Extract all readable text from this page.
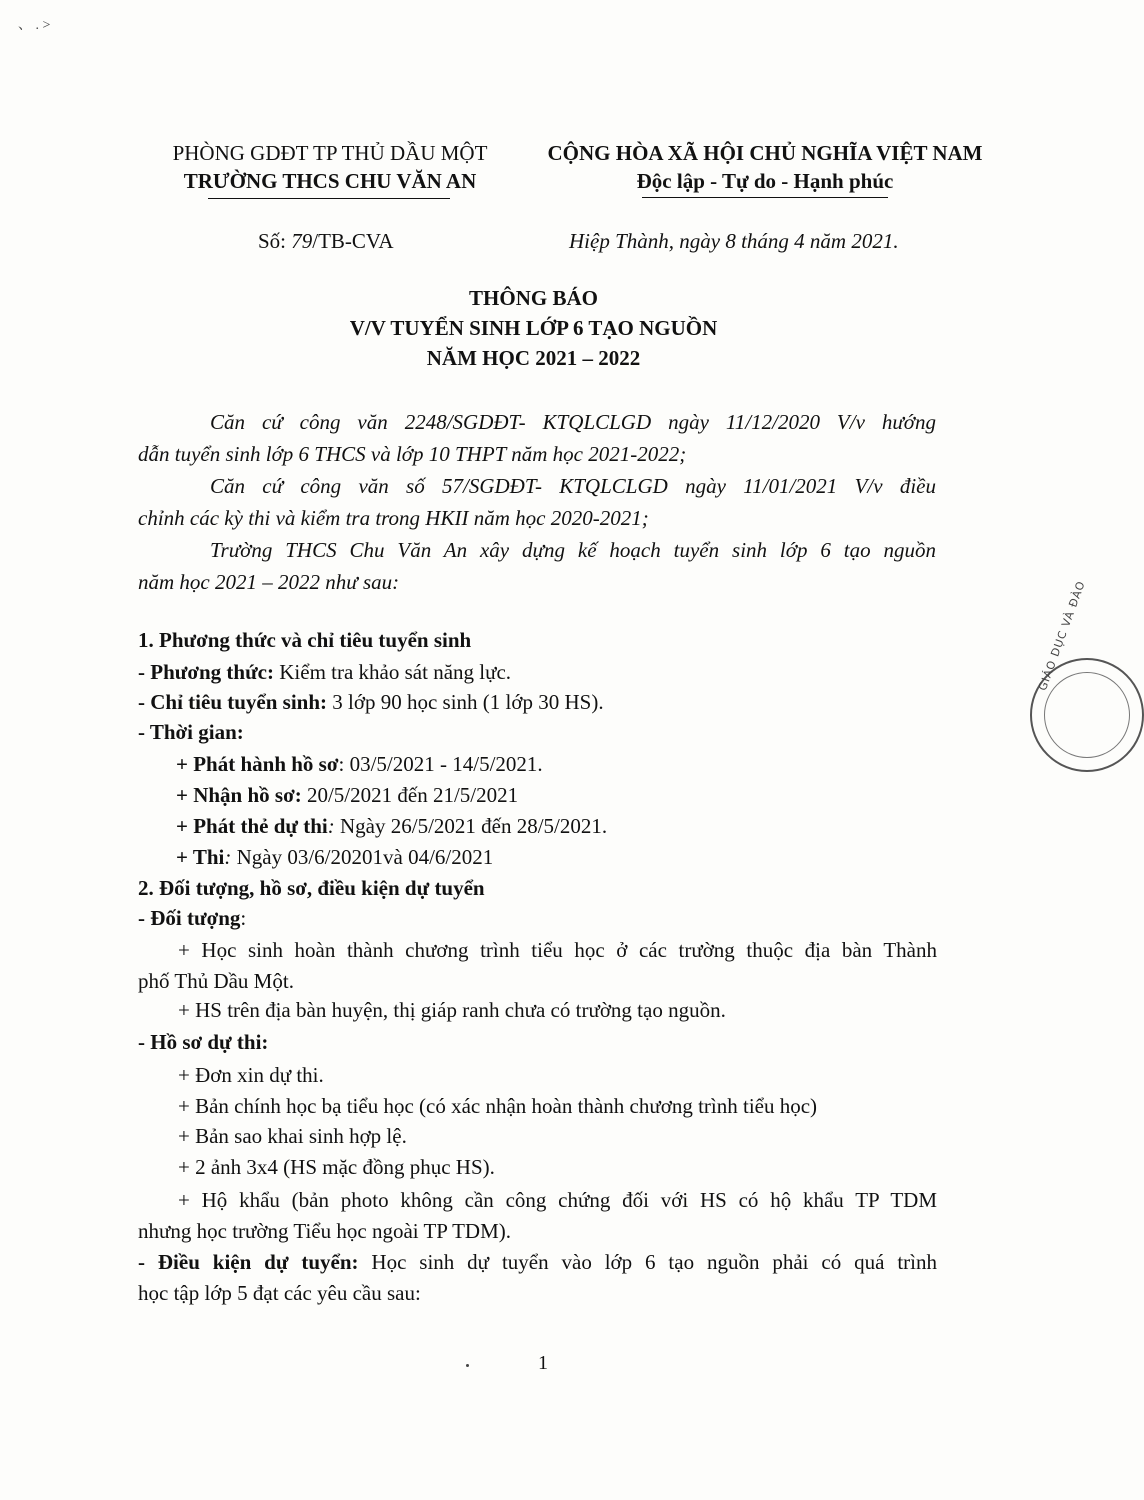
、 . >
PHÒNG GDĐT TP THỦ DẦU MỘT
TRƯỜNG THCS CHU VĂN AN
CỘNG HÒA XÃ HỘI CHỦ NGHĨA VIỆT NAM
Độc lập - Tự do - Hạnh phúc
Số: 79/TB-CVA	Hiệp Thành, ngày 8 tháng 4 năm 2021.
THÔNG BÁO
V/V TUYỂN SINH LỚP 6 TẠO NGUỒN
NĂM HỌC 2021 – 2022
Căn cứ công văn 2248/SGDĐT- KTQLCLGD ngày 11/12/2020 V/v hướng
dẫn tuyển sinh lớp 6 THCS và lớp 10 THPT năm học 2021-2022;
Căn cứ công văn số 57/SGDĐT- KTQLCLGD ngày 11/01/2021 V/v điều
chỉnh các kỳ thi và kiểm tra trong HKII năm học 2020-2021;
Trường THCS Chu Văn An xây dựng kế hoạch tuyển sinh lớp 6 tạo nguồn
năm học 2021 – 2022 như sau:
1. Phương thức và chỉ tiêu tuyển sinh
- Phương thức: Kiểm tra khảo sát năng lực.
- Chỉ tiêu tuyển sinh: 3 lớp 90 học sinh (1 lớp 30 HS).
- Thời gian:
+ Phát hành hồ sơ: 03/5/2021 - 14/5/2021.
+ Nhận hồ sơ: 20/5/2021 đến 21/5/2021
+ Phát thẻ dự thi: Ngày 26/5/2021 đến 28/5/2021.
+ Thi: Ngày 03/6/20201và 04/6/2021
2. Đối tượng, hồ sơ, điều kiện dự tuyển
- Đối tượng:
+ Học sinh hoàn thành chương trình tiểu học ở các trường thuộc địa bàn Thành
phố Thủ Dầu Một.
+ HS trên địa bàn huyện, thị giáp ranh chưa có trường tạo nguồn.
- Hồ sơ dự thi:
+ Đơn xin dự thi.
+ Bản chính học bạ tiểu học (có xác nhận hoàn thành chương trình tiểu học)
+ Bản sao khai sinh hợp lệ.
+ 2 ảnh 3x4 (HS mặc đồng phục HS).
+ Hộ khẩu (bản photo không cần công chứng đối với HS có hộ khẩu TP TDM
nhưng học trường Tiểu học ngoài TP TDM).
- Điều kiện dự tuyển: Học sinh dự tuyển vào lớp 6 tạo nguồn phải có quá trình
học tập lớp 5 đạt các yêu cầu sau:
GIÁO DỤC VÀ ĐÀO
1
